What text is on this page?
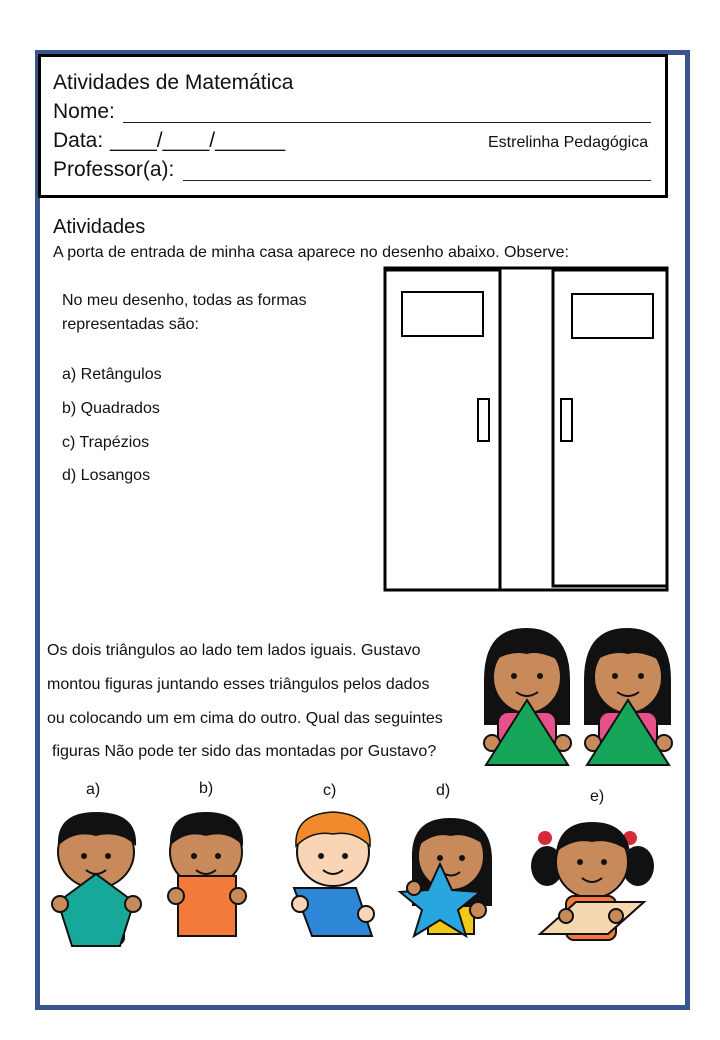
Atividades de Matemática
Nome:
Data: ____/____/______	Estrelinha Pedagógica
Professor(a):
Atividades
A porta de entrada de minha casa aparece no desenho abaixo. Observe:
No meu desenho, todas as formas
representadas são:
a) Retângulos
b) Quadrados
c) Trapézios
d) Losangos
Os dois triângulos ao lado tem lados iguais. Gustavo
montou figuras juntando esses triângulos pelos dados
ou colocando um em cima do outro. Qual das seguintes
figuras Não pode ter sido das montadas por Gustavo?
a)	b)	c)	d)	e)
